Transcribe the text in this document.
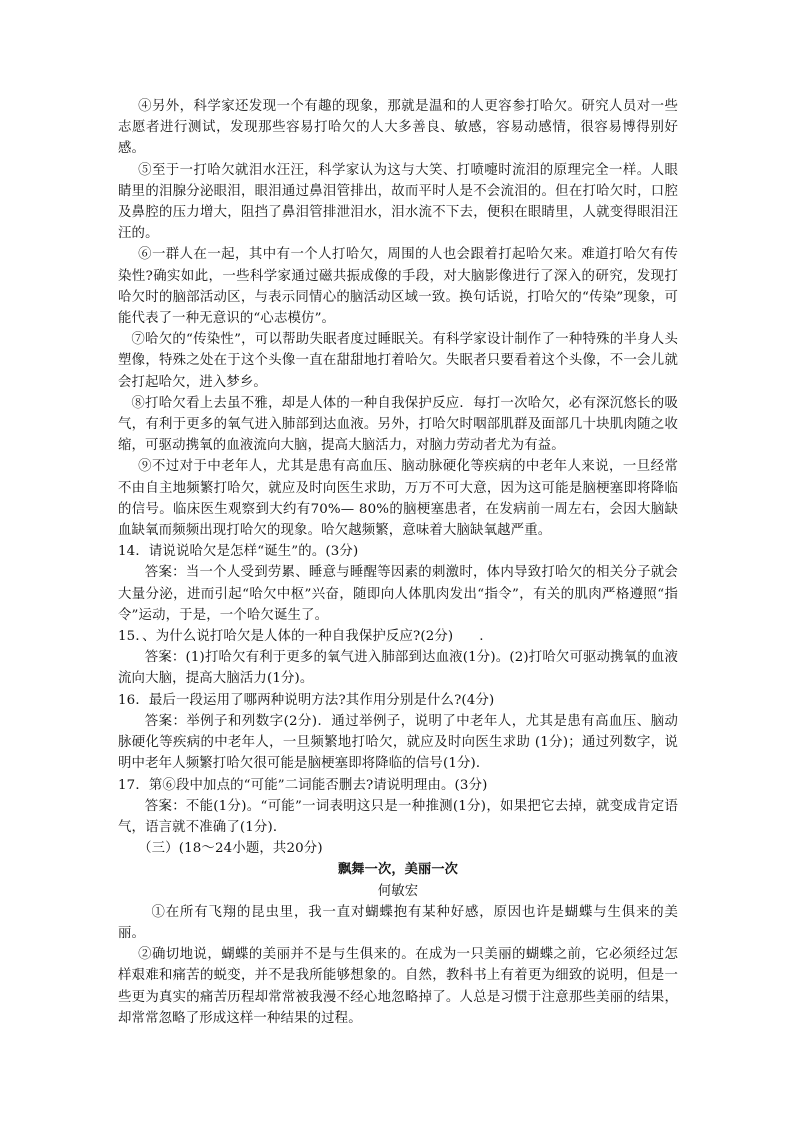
④另外，科学家还发现一个有趣的现象，那就是温和的人更容参打哈欠。研究人员对一些志愿者进行测试，发现那些容易打哈欠的人大多善良、敏感，容易动感情，很容易博得别好感。

⑤至于一打哈欠就泪水汪汪，科学家认为这与大笑、打喷嚏时流泪的原理完全一样。人眼睛里的泪腺分泌眼泪，眼泪通过鼻泪管排出，故而平时人是不会流泪的。但在打哈欠时，口腔及鼻腔的压力增大，阻挡了鼻泪管排泄泪水，泪水流不下去，便积在眼睛里，人就变得眼泪汪汪的。

⑥一群人在一起，其中有一个人打哈欠，周围的人也会跟着打起哈欠来。难道打哈欠有传染性?确实如此，一些科学家通过磁共振成像的手段，对大脑影像进行了深入的研究，发现打哈欠时的脑部活动区，与表示同情心的脑活动区域一致。换句话说，打哈欠的“传染”现象，可能代表了一种无意识的“心志模仿”。

⑦哈欠的“传染性”，可以帮助失眠者度过睡眠关。有科学家设计制作了一种特殊的半身人头塑像，特殊之处在于这个头像一直在甜甜地打着哈欠。失眠者只要看着这个头像，不一会儿就会打起哈欠，进入梦乡。

⑧打哈欠看上去虽不雅，却是人体的一种自我保护反应．每打一次哈欠，必有深沉悠长的吸气，有利于更多的氧气进入肺部到达血液。另外，打哈欠时咽部肌群及面部几十块肌肉随之收缩，可驱动携氧的血液流向大脑，提高大脑活力，对脑力劳动者尤为有益。

⑨不过对于中老年人，尤其是患有高血压、脑动脉硬化等疾病的中老年人来说，一旦经常不由自主地频繁打哈欠，就应及时向医生求助，万万不可大意，因为这可能是脑梗塞即将降临的信号。临床医生观察到大约有70%— 80%的脑梗塞患者，在发病前一周左右，会因大脑缺血缺氧而频频出现打哈欠的现象。哈欠越频繁，意味着大脑缺氧越严重。

14．请说说哈欠是怎样“诞生”的。(3分)

答案：当一个人受到劳累、睡意与睡醒等因素的刺激时，体内导致打哈欠的相关分子就会大量分泌，进而引起“哈欠中枢”兴奋，随即向人体肌肉发出“指令”，有关的肌肉严格遵照“指令”运动，于是，一个哈欠诞生了。

15．、为什么说打哈欠是人体的一种自我保护反应?(2分) .

答案：(1)打哈欠有利于更多的氧气进入肺部到达血液(1分)。(2)打哈欠可驱动携氧的血液流向大脑，提高大脑活力(1分)。

16．最后一段运用了哪两种说明方法?其作用分别是什么?(4分)

答案：举例子和列数字(2分)．通过举例子，说明了中老年人，尤其是患有高血压、脑动脉硬化等疾病的中老年人，一旦频繁地打哈欠，就应及时向医生求助 (1分)；通过列数字，说明中老年人频繁打哈欠很可能是脑梗塞即将降临的信号(1分)．

17．第⑥段中加点的“可能”二词能否删去?请说明理由。(3分)

答案：不能(1分)。“可能”一词表明这只是一种推测(1分)，如果把它去掉，就变成肯定语气，语言就不准确了(1分)．

（三）(18～24小题，共20分)

飘舞一次，美丽一次

何敏宏

①在所有飞翔的昆虫里，我一直对蝴蝶抱有某种好感，原因也许是蝴蝶与生俱来的美丽。

②确切地说，蝴蝶的美丽并不是与生俱来的。在成为一只美丽的蝴蝶之前，它必须经过怎样艰难和痛苦的蜕变，并不是我所能够想象的。自然，教科书上有着更为细致的说明，但是一些更为真实的痛苦历程却常常被我漫不经心地忽略掉了。人总是习惯于注意那些美丽的结果，却常常忽略了形成这样一种结果的过程。
